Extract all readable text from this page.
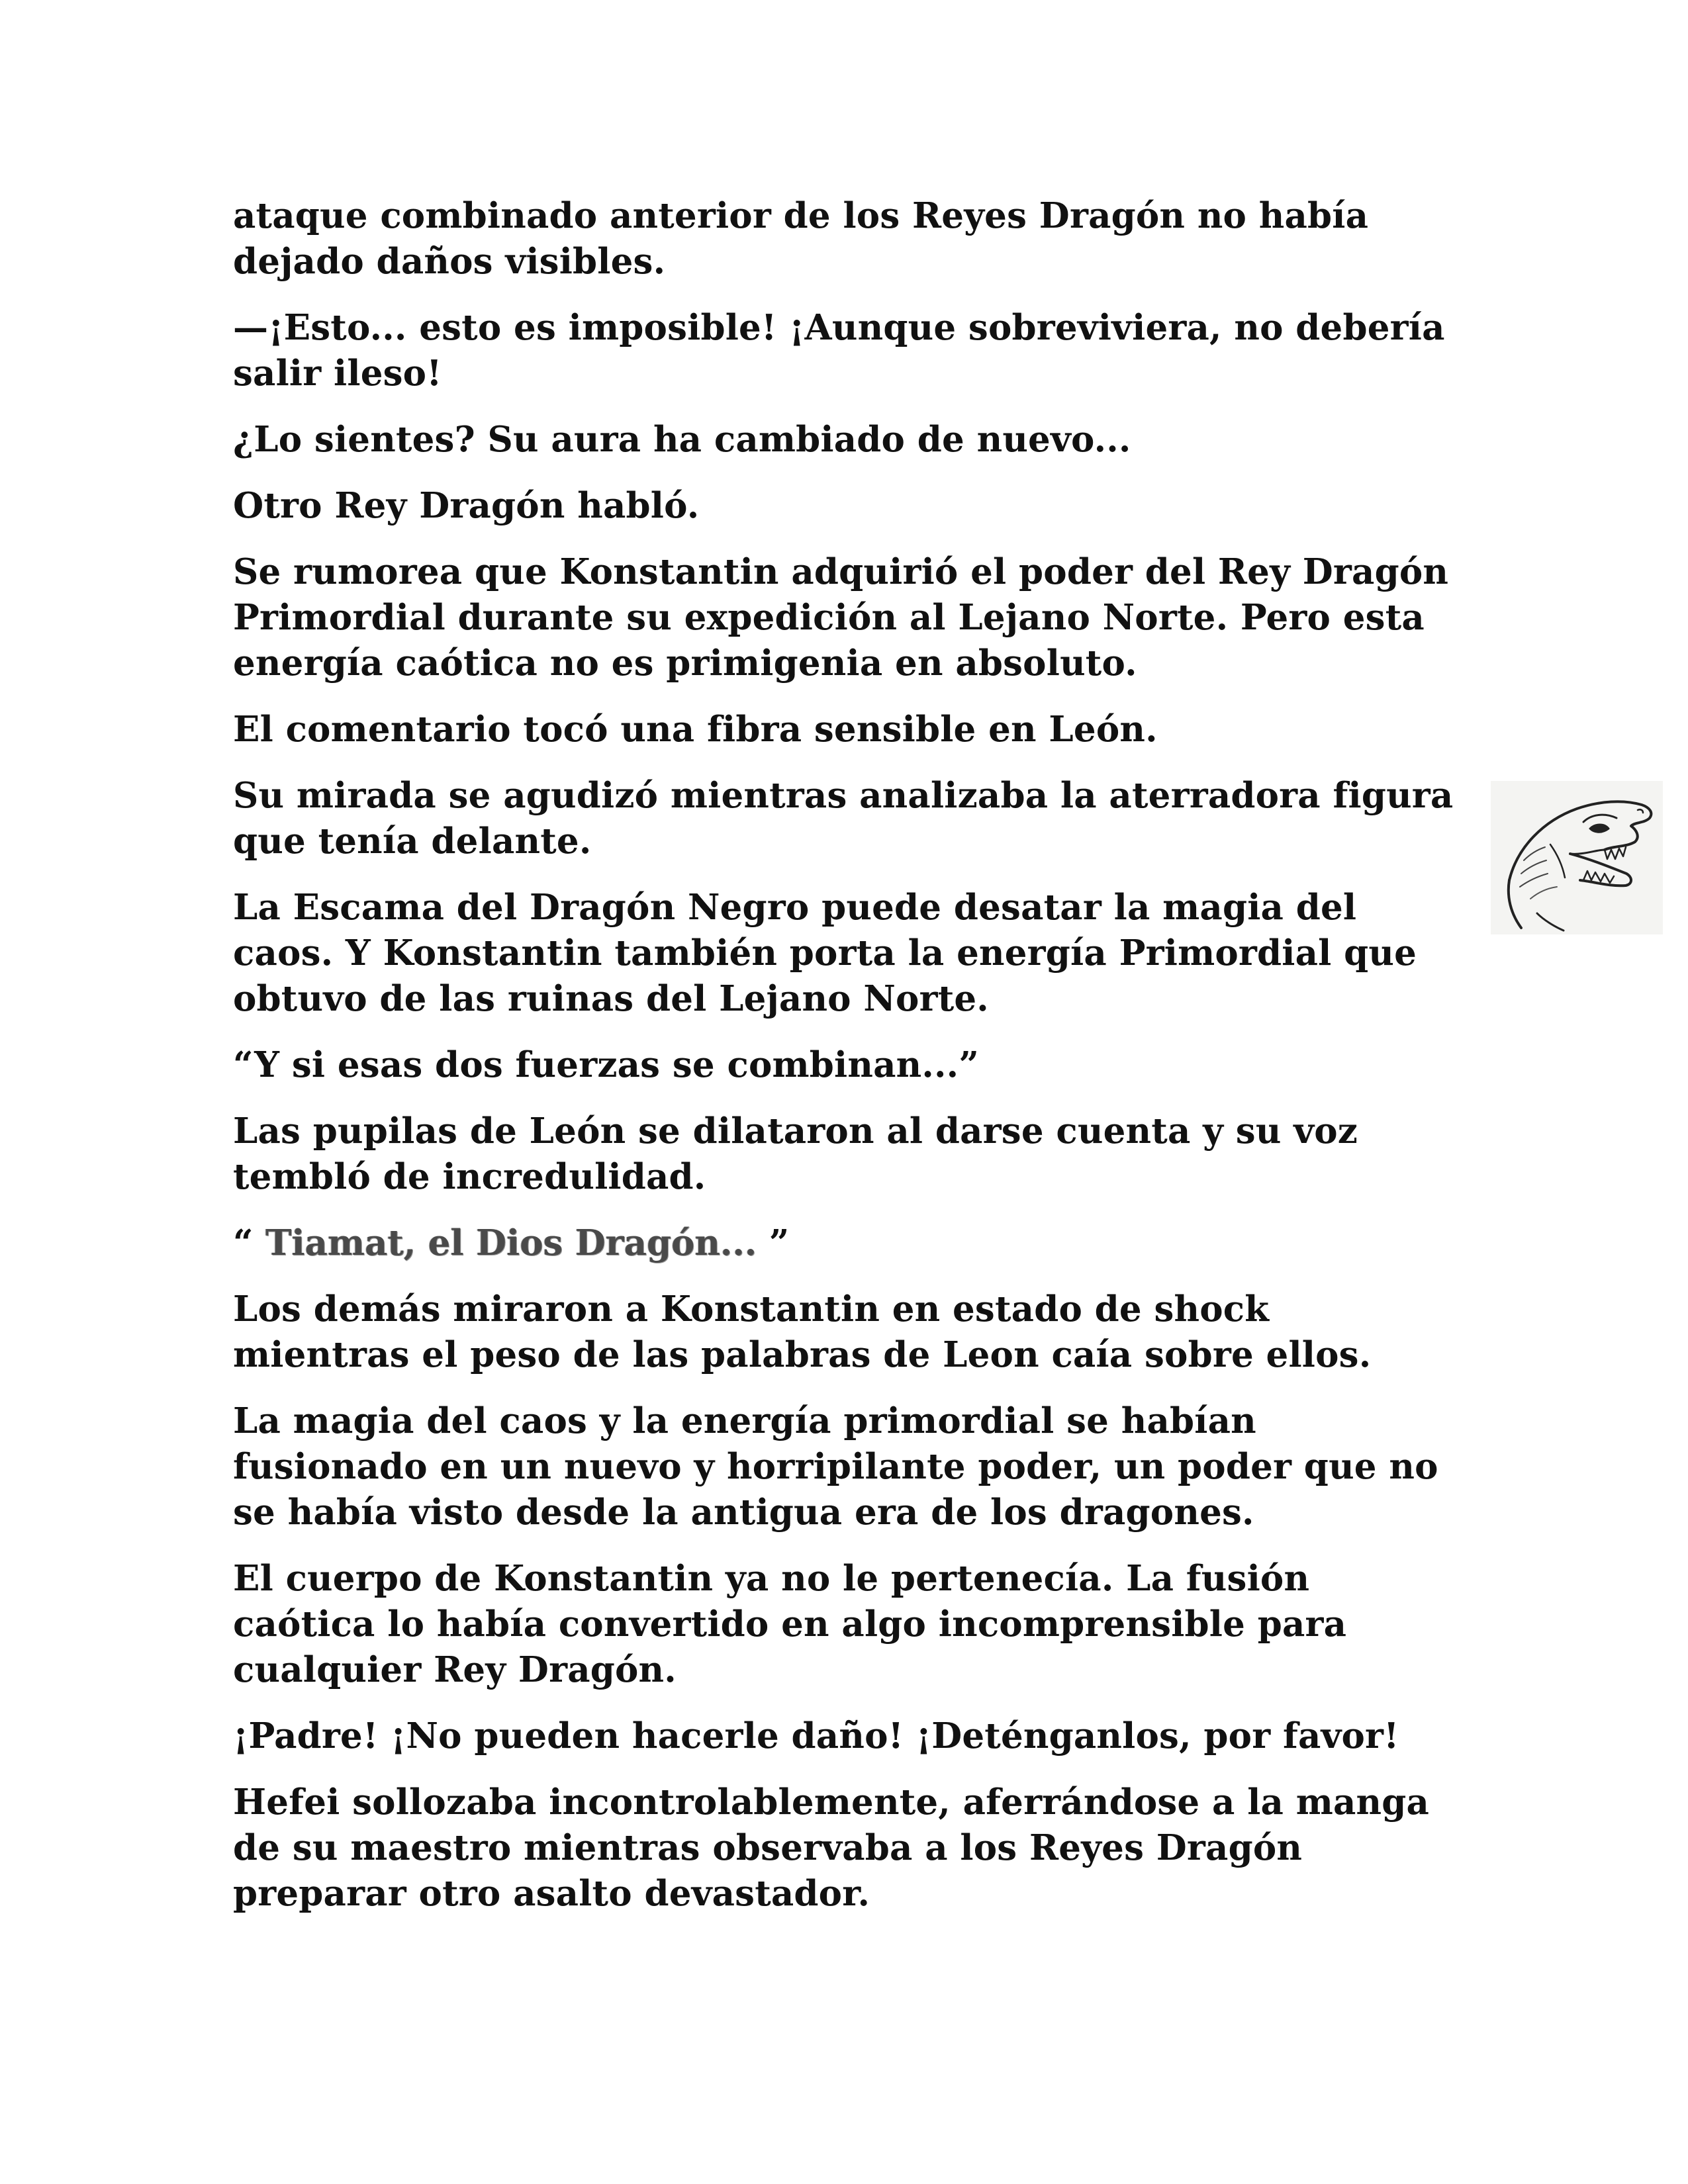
ataque combinado anterior de los Reyes Dragón no había dejado daños visibles.

—¡Esto... esto es imposible! ¡Aunque sobreviviera, no debería salir ileso!

¿Lo sientes? Su aura ha cambiado de nuevo...

Otro Rey Dragón habló.

Se rumorea que Konstantin adquirió el poder del Rey Dragón Primordial durante su expedición al Lejano Norte. Pero esta energía caótica no es primigenia en absoluto.

El comentario tocó una fibra sensible en León.

Su mirada se agudizó mientras analizaba la aterradora figura que tenía delante.

La Escama del Dragón Negro puede desatar la magia del caos. Y Konstantin también porta la energía Primordial que obtuvo de las ruinas del Lejano Norte.

“Y si esas dos fuerzas se combinan...”

Las pupilas de León se dilataron al darse cuenta y su voz tembló de incredulidad.

“ Tiamat, el Dios Dragón... ”

Los demás miraron a Konstantin en estado de shock mientras el peso de las palabras de Leon caía sobre ellos.

La magia del caos y la energía primordial se habían fusionado en un nuevo y horripilante poder, un poder que no se había visto desde la antigua era de los dragones.

El cuerpo de Konstantin ya no le pertenecía. La fusión caótica lo había convertido en algo incomprensible para cualquier Rey Dragón.

¡Padre! ¡No pueden hacerle daño! ¡Deténganlos, por favor!

Hefei sollozaba incontrolablemente, aferrándose a la manga de su maestro mientras observaba a los Reyes Dragón preparar otro asalto devastador.
